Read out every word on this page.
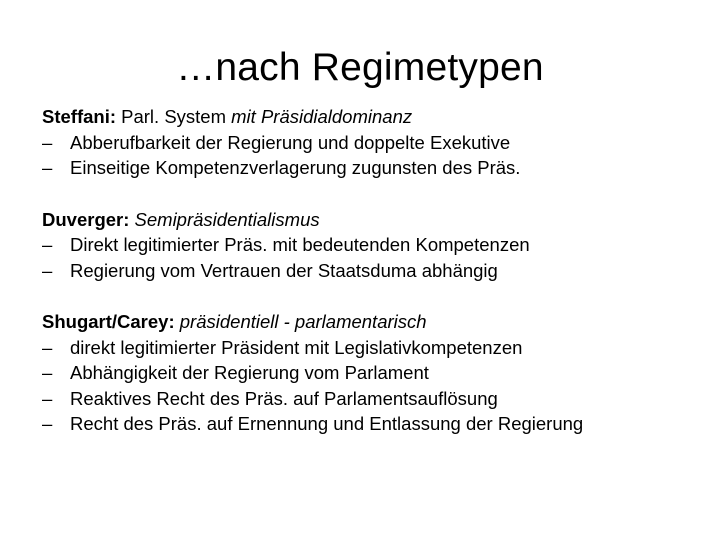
…nach Regimetypen
Steffani: Parl. System mit Präsidialdominanz
– Abberufbarkeit der Regierung und doppelte Exekutive
– Einseitige Kompetenzverlagerung zugunsten des Präs.
Duverger: Semipräsidentialismus
– Direkt legitimierter Präs. mit bedeutenden Kompetenzen
– Regierung vom Vertrauen der Staatsduma abhängig
Shugart/Carey: präsidentiell - parlamentarisch
– direkt legitimierter Präsident mit Legislativkompetenzen
– Abhängigkeit der Regierung vom Parlament
– Reaktives Recht des Präs. auf Parlamentsauflösung
– Recht des Präs. auf Ernennung und Entlassung der Regierung
